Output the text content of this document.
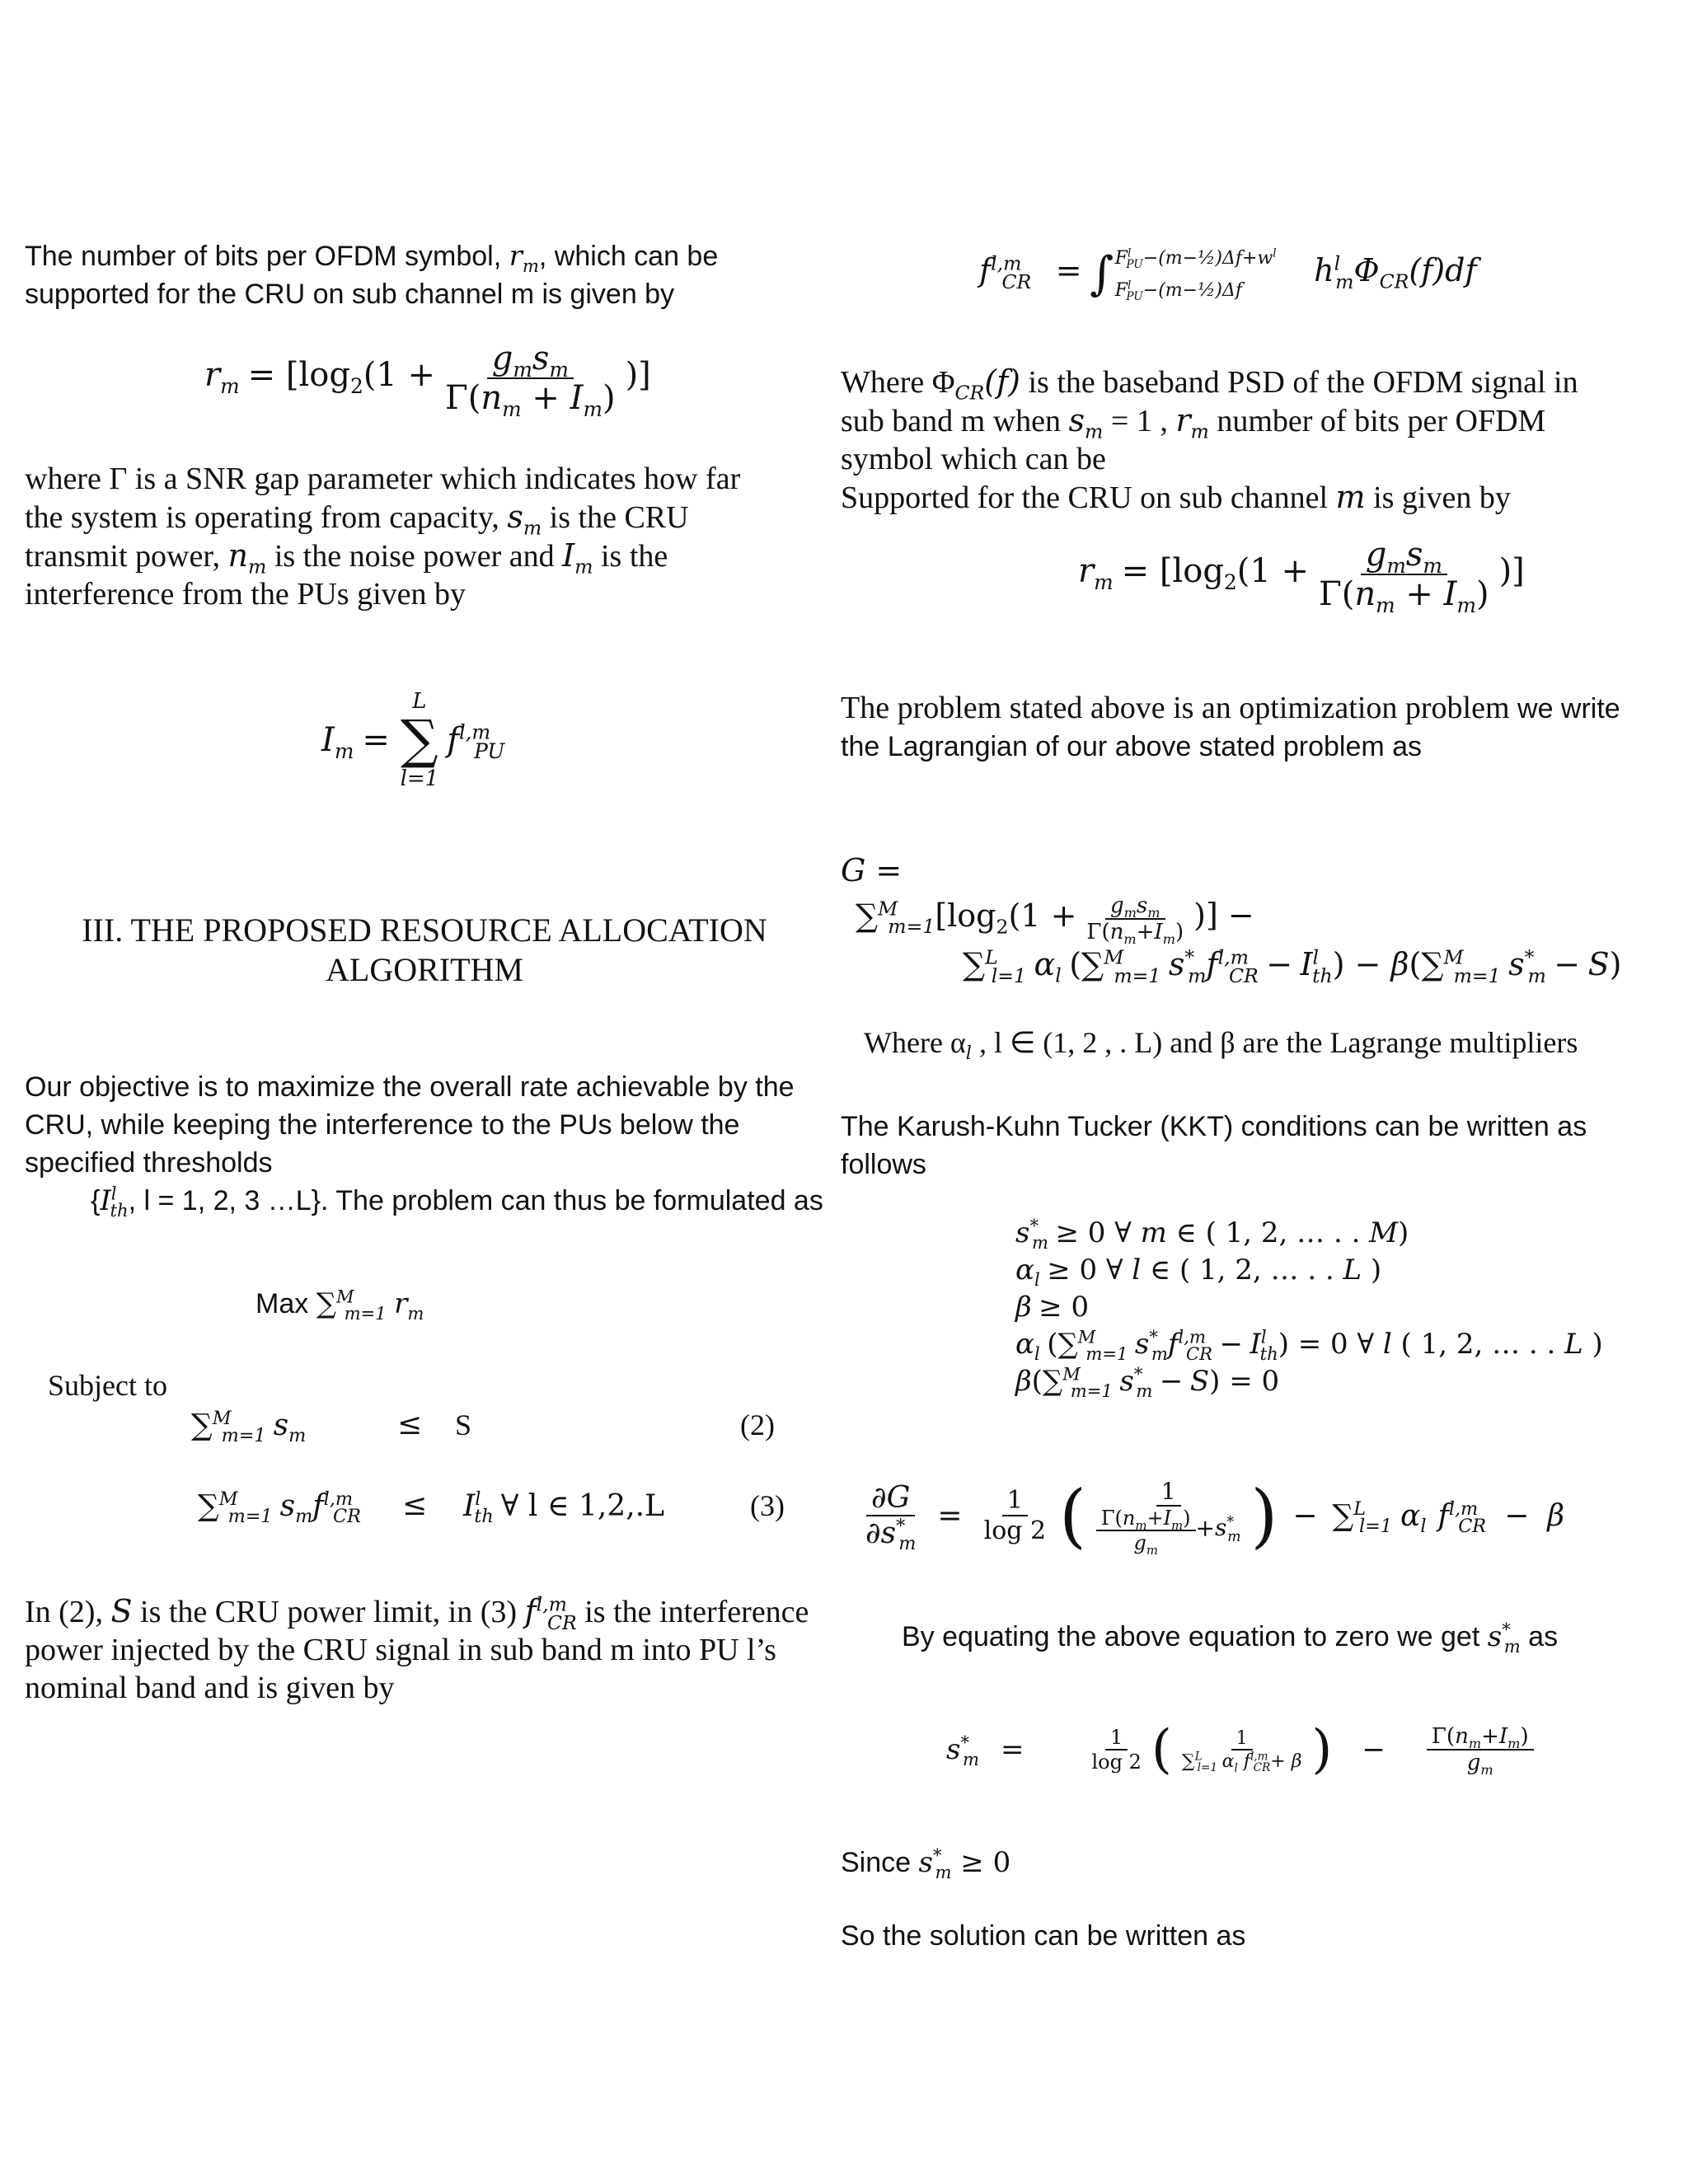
The number of bits per OFDM symbol, $r_m$, which can be
supported for the CRU on sub channel m is given by
$r_m = [\log_2(1 + \frac{g_ms_m}{\Gamma(n_m + I_m)}$ )]
where Γ is a SNR gap parameter which indicates how far
the system is operating from capacity, $s_m$ is the CRU
transmit power, $n_m$ is the noise power and $I_m$ is the
interference from the PUs given by
$I_m$ =
L
∑
l=1
$f^{l,m}_{PU}$
III. THE PROPOSED RESOURCE ALLOCATION
ALGORITHM
Our objective is to maximize the overall rate achievable by the
CRU, while keeping the interference to the PUs below the
specified thresholds
{$I^l_{th}$, l = 1, 2, 3 …L}. The problem can thus be formulated as
Max ∑$^M_{m=1}$ $r_m$
Subject to
∑$^M_{m=1}$ $s_m$	≤ S	(2)
∑$^M_{m=1}$ $s_mf^{l,m}_{CR} \le I^l_{th}$ ∀ l ∈ 1,2,.L	(3)
In (2), S is the CRU power limit, in (3) $f^{l,m}_{CR}$ is the interference
power injected by the CRU signal in sub band m into PU l’s
nominal band and is given by
$f^{l,m}_{CR}$ = ∫ $F^l_{PU}-(m-\frac{1}{2})\Delta f+w^l$
$F^l_{PU}-(m-\frac{1}{2})\Delta f$
$h^l_m\Phi_{CR}(f)df$
Where $\Phi_{CR}(f)$ is the baseband PSD of the OFDM signal in
sub band m when $s_m = 1$ , $r_m$ number of bits per OFDM
symbol which can be
Supported for the CRU on sub channel m is given by
$r_m = [\log_2(1 + \frac{g_ms_m}{\Gamma(n_m + I_m)}$ )]
The problem stated above is an optimization problem we write
the Lagrangian of our above stated problem as
G =
$\sum^M_{m=1}[\log_2(1 + \frac{g_ms_m}{\Gamma(n_m+I_m)}$ )] −
∑$^L_{l=1}$ $\alpha_l$ (∑$^M_{m=1}$ $s^*_mf^{l,m}_{CR} - I^l_{th}) - \beta(\sum^M_{m=1}$ $s^*_m - S$)
Where $\alpha_l$ , l ∈ (1, 2 , . L) and β are the Lagrange multipliers
The Karush-Kuhn Tucker (KKT) conditions can be written as
follows
$s^*_m \ge 0$ ∀ m ∈ ( 1, 2, … . . M)
$\alpha_l \ge 0$ ∀ l ∈ ( 1, 2, … . . L )
β ≥ 0
$\alpha_l$ (∑$^M_{m=1}$ $s^*_mf^{l,m}_{CR} - I^l_{th}) = 0$ ∀ l ( 1, 2, … . . L )
β(∑$^M_{m=1}$ $s^*_m - S) = 0$
$\frac{\partial G}{\partial s^*_m} = \frac{1}{\log 2}$ ( $\frac{1}{\frac{\Gamma(n_m+I_m)}{g_m} +s^*_m}$ ) − ∑$^L_{l=1}$ $\alpha_l$ $f^{l,m}_{CR} - \beta$
By equating the above equation to zero we get $s^*_m$ as
$s^*_m$ =	$\frac{1}{\log 2}$ ( $\frac{1}{\sum^L_{l=1} \alpha_l f^{l,m}_{CR}+ \beta}$ ) − $\frac{\Gamma(n_m+I_m)}{g_m}$
Since $s^*_m \ge 0$
So the solution can be written as
